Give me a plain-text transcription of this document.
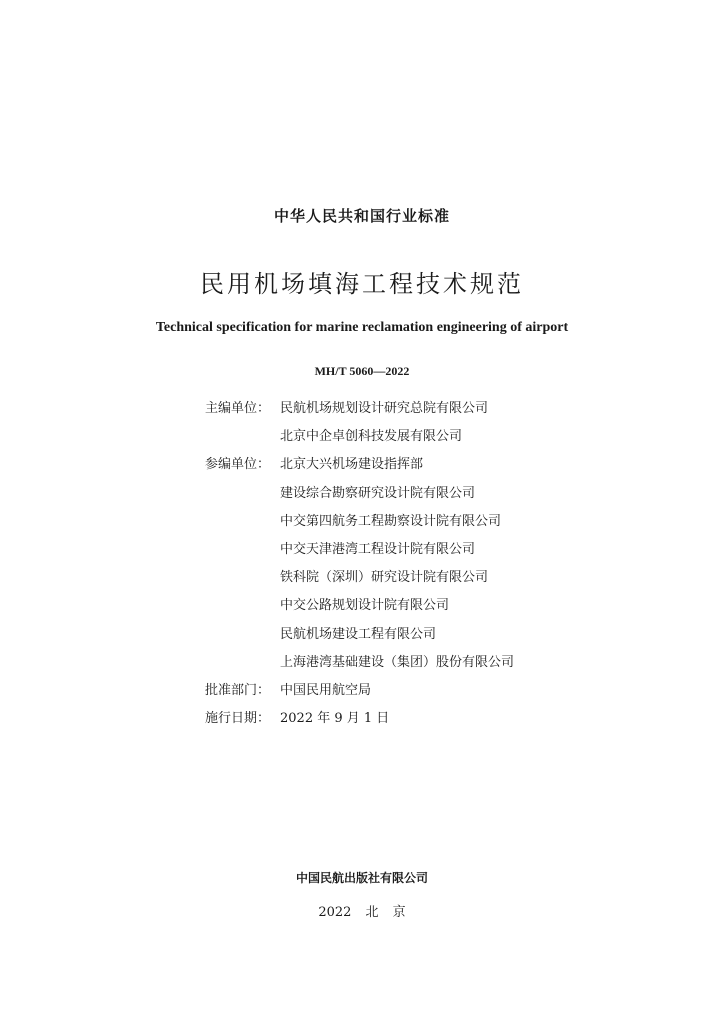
中华人民共和国行业标准
民用机场填海工程技术规范
Technical specification for marine reclamation engineering of airport
MH/T 5060—2022
主编单位： 民航机场规划设计研究总院有限公司
北京中企卓创科技发展有限公司
参编单位： 北京大兴机场建设指挥部
建设综合勘察研究设计院有限公司
中交第四航务工程勘察设计院有限公司
中交天津港湾工程设计院有限公司
铁科院（深圳）研究设计院有限公司
中交公路规划设计院有限公司
民航机场建设工程有限公司
上海港湾基础建设（集团）股份有限公司
批准部门： 中国民用航空局
施行日期： 2022 年 9 月 1 日
中国民航出版社有限公司
2022 北 京
